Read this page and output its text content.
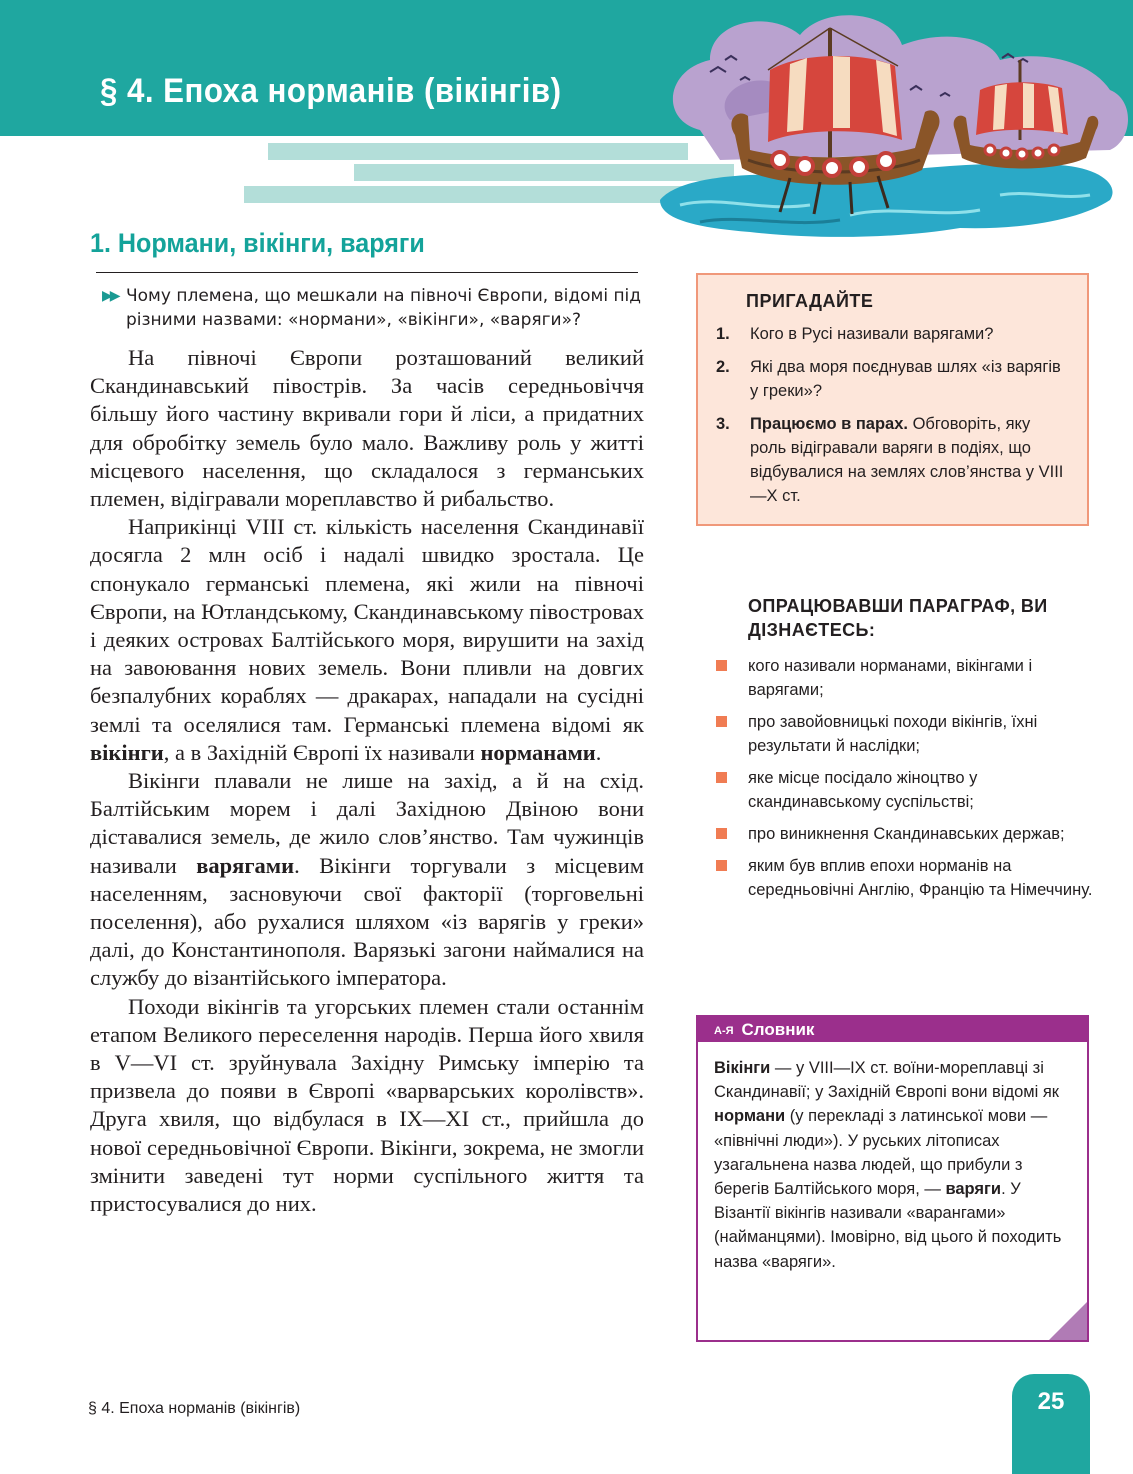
§ 4. Епоха норманів (вікінгів)
1. Нормани, вікінги, варяги
▶▶ Чому племена, що мешкали на півночі Європи, відомі під різними назвами: «нормани», «вікінги», «варяги»?

На півночі Європи розташований великий Скандинавський півострів. За часів середньовіччя більшу його частину вкривали гори й ліси, а придатних для обробітку земель було мало. Важливу роль у житті місцевого населення, що складалося з германських племен, відігравали мореплавство й рибальство.

Наприкінці VIII ст. кількість населення Скандинавії досягла 2 млн осіб і надалі швидко зростала. Це спонукало германські племена, які жили на півночі Європи, на Ютландському, Скандинавському півостровах і деяких островах Балтійського моря, вирушити на захід на завоювання нових земель. Вони пливли на довгих безпалубних кораблях — дракарах, нападали на сусідні землі та оселялися там. Германські племена відомі як вікінги, а в Західній Європі їх називали норманами.

Вікінги плавали не лише на захід, а й на схід. Балтійським морем і далі Західною Двіною вони діставалися земель, де жило слов’янство. Там чужинців називали варягами. Вікінги торгували з місцевим населенням, засновуючи свої факторії (торговельні поселення), або рухалися шляхом «із варягів у греки» далі, до Константинополя. Варязькі загони наймалися на службу до візантійського імператора.

Походи вікінгів та угорських племен стали останнім етапом Великого переселення народів. Перша його хвиля в V—VI ст. зруйнувала Західну Римську імперію та призвела до появи в Європі «варварських королівств». Друга хвиля, що відбулася в IX—XI ст., прийшла до нової середньовічної Європи. Вікінги, зокрема, не змогли змінити заведені тут норми суспільного життя та пристосувалися до них.

ПРИГАДАЙТЕ
1. Кого в Русі називали варягами?
2. Які два моря поєднував шлях «із варягів у греки»?
3. Працюємо в парах. Обговоріть, яку роль відігравали варяги в подіях, що відбувалися на землях слов’янства у VIII—X ст.
ОПРАЦЮВАВШИ ПАРАГРАФ, ВИ ДІЗНАЄТЕСЬ:
кого називали норманами, вікінгами і варягами;
про завойовницькі походи вікінгів, їхні результати й наслідки;
яке місце посідало жіноцтво у скандинавському суспільстві;
про виникнення Скандинавських держав;
яким був вплив епохи норманів на середньовічні Англію, Францію та Німеччину.
А-Я Словник
Вікінги — у VIII—IX ст. воїни-мореплавці зі Скандинавії; у Західній Європі вони відомі як нормани (у перекладі з латинської мови — «північні люди»). У руських літописах узагальнена назва людей, що прибули з берегів Балтійського моря, — варяги. У Візантії вікінгів називали «варангами» (найманцями). Імовірно, від цього й походить назва «варяги».
§ 4. Епоха норманів (вікінгів)	25
